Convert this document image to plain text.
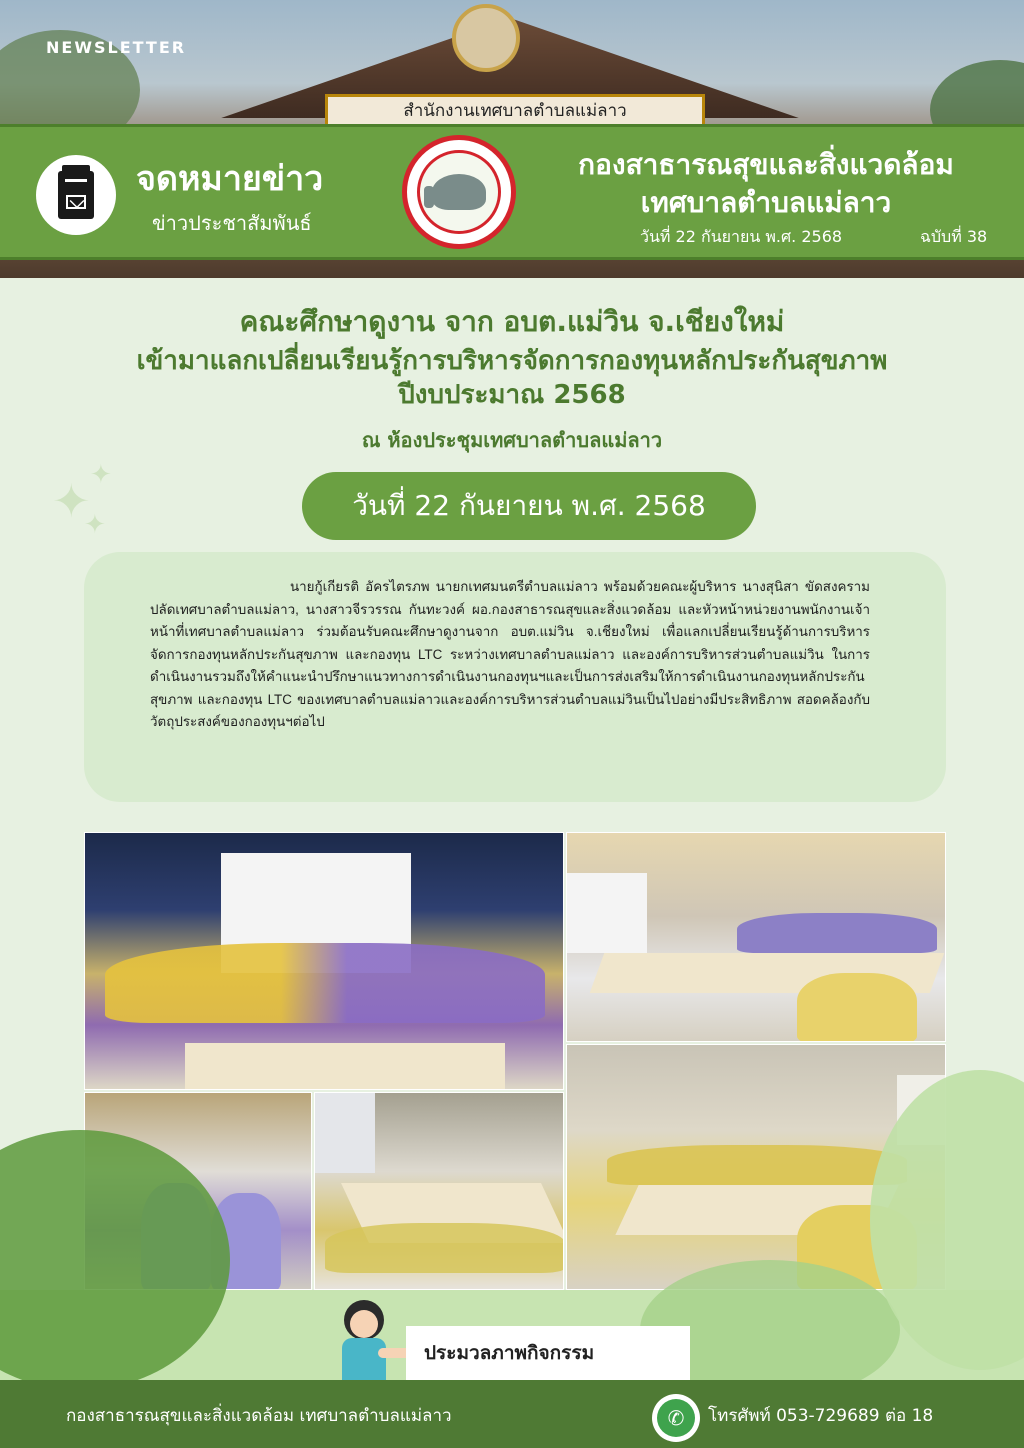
สำนักงานเทศบาลตำบลแม่ลาว
NEWSLETTER
จดหมายข่าว
ข่าวประชาสัมพันธ์
กองสาธารณสุขและสิ่งแวดล้อม
เทศบาลตำบลแม่ลาว
วันที่ 22 กันยายน พ.ศ. 2568	ฉบับที่ 38
คณะศึกษาดูงาน จาก อบต.แม่วิน จ.เชียงใหม่
เข้ามาแลกเปลี่ยนเรียนรู้การบริหารจัดการกองทุนหลักประกันสุขภาพ
ปีงบประมาณ 2568
ณ ห้องประชุมเทศบาลตำบลแม่ลาว
✦ ✦
✦
วันที่ 22 กันยายน พ.ศ. 2568
นายกู้เกียรติ อัครไตรภพ นายกเทศมนตรีตำบลแม่ลาว พร้อมด้วยคณะผู้บริหาร นางสุนิสา ขัดสงคราม ปลัดเทศบาลตำบลแม่ลาว, นางสาวจีรวรรณ กันทะวงค์ ผอ.กองสาธารณสุขและสิ่งแวดล้อม และหัวหน้าหน่วยงานพนักงานเจ้าหน้าที่เทศบาลตำบลแม่ลาว ร่วมต้อนรับคณะศึกษาดูงานจาก อบต.แม่วิน จ.เชียงใหม่ เพื่อแลกเปลี่ยนเรียนรู้ด้านการบริหารจัดการกองทุนหลักประกันสุขภาพ และกองทุน LTC ระหว่างเทศบาลตำบลแม่ลาว และองค์การบริหารส่วนตำบลแม่วิน ในการดำเนินงานรวมถึงให้คำแนะนำปรึกษาแนวทางการดำเนินงานกองทุนฯและเป็นการส่งเสริมให้การดำเนินงานกองทุนหลักประกันสุขภาพ และกองทุน LTC ของเทศบาลตำบลแม่ลาวและองค์การบริหารส่วนตำบลแม่วินเป็นไปอย่างมีประสิทธิภาพ สอดคล้องกับวัตถุประสงค์ของกองทุนฯต่อไป
ประมวลภาพกิจกรรม
กองสาธารณสุขและสิ่งแวดล้อม เทศบาลตำบลแม่ลาว	✆	โทรศัพท์ 053-729689 ต่อ 18
